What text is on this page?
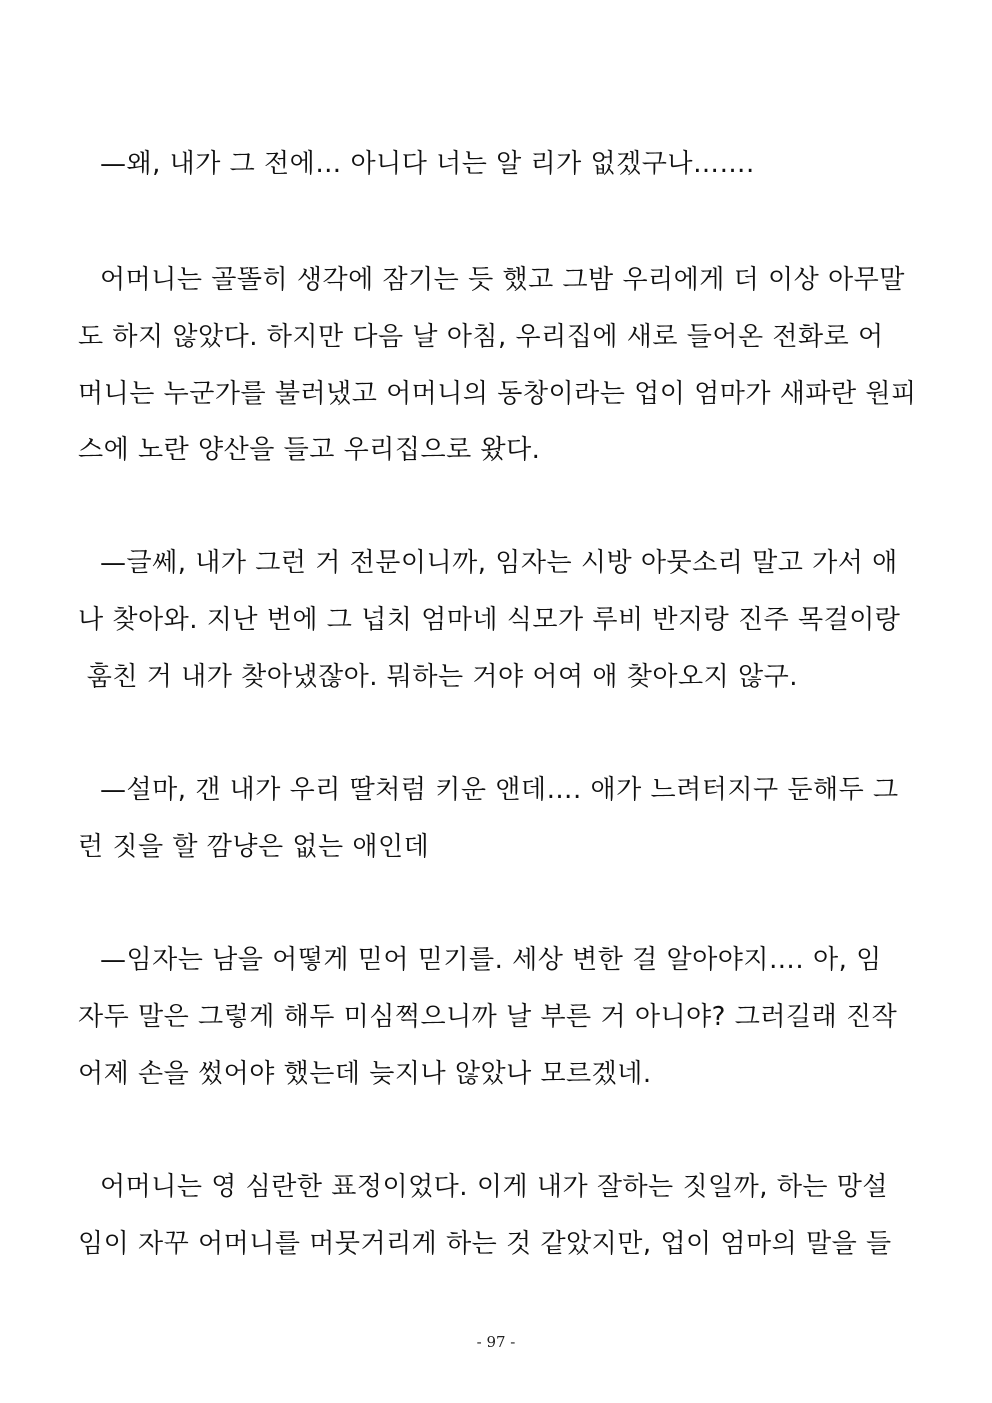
—왜, 내가 그 전에… 아니다 너는 알 리가 없겠구나…….
어머니는 골똘히 생각에 잠기는 듯 했고 그밤 우리에게 더 이상 아무말
도 하지 않았다. 하지만 다음 날 아침, 우리집에 새로 들어온 전화로 어
머니는 누군가를 불러냈고 어머니의 동창이라는 업이 엄마가 새파란 원피
스에 노란 양산을 들고 우리집으로 왔다.
—글쎄, 내가 그런 거 전문이니까, 임자는 시방 아뭇소리 말고 가서 애
나 찾아와. 지난 번에 그 넙치 엄마네 식모가 루비 반지랑 진주 목걸이랑
훔친 거 내가 찾아냈잖아. 뭐하는 거야 어여 애 찾아오지 않구.
—설마, 갠 내가 우리 딸처럼 키운 앤데…. 애가 느려터지구 둔해두 그
런 짓을 할 깜냥은 없는 애인데
—임자는 남을 어떻게 믿어 믿기를. 세상 변한 걸 알아야지…. 아, 임
자두 말은 그렇게 해두 미심쩍으니까 날 부른 거 아니야? 그러길래 진작
어제 손을 썼어야 했는데 늦지나 않았나 모르겠네.
어머니는 영 심란한 표정이었다. 이게 내가 잘하는 짓일까, 하는 망설
임이 자꾸 어머니를 머뭇거리게 하는 것 같았지만, 업이 엄마의 말을 들
- 97 -
